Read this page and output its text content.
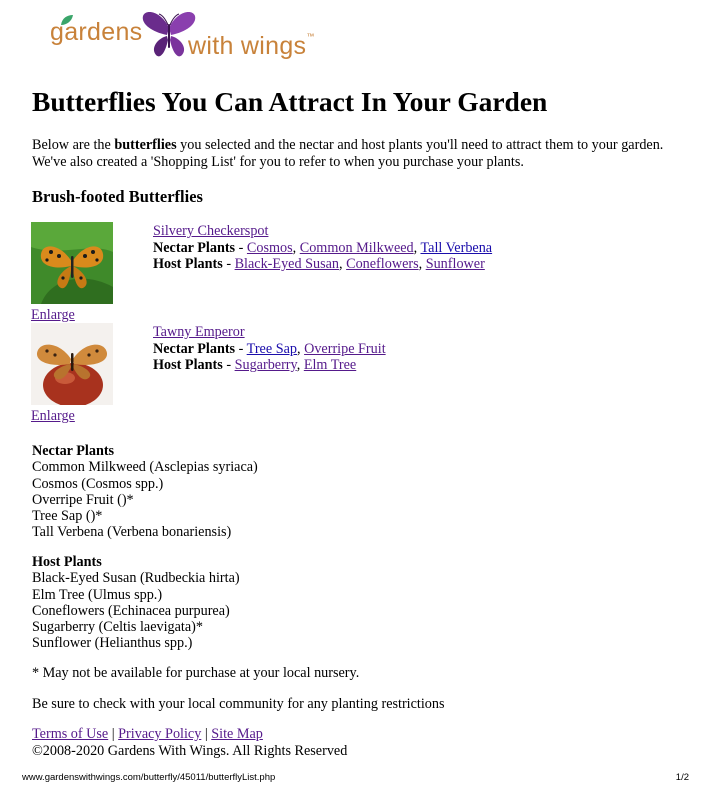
gardens with wings™
Butterflies You Can Attract In Your Garden

Below are the butterflies you selected and the nectar and host plants you'll need to attract them to your garden. We've also created a 'Shopping List' for you to refer to when you purchase your plants.

Brush-footed Butterflies
Enlarge
Silvery Checkerspot
Nectar Plants - Cosmos, Common Milkweed, Tall Verbena
Host Plants - Black-Eyed Susan, Coneflowers, Sunflower
Enlarge
Tawny Emperor
Nectar Plants - Tree Sap, Overripe Fruit
Host Plants - Sugarberry, Elm Tree
Nectar Plants
Common Milkweed (Asclepias syriaca)
Cosmos (Cosmos spp.)
Overripe Fruit ()*
Tree Sap ()*
Tall Verbena (Verbena bonariensis)
Host Plants
Black-Eyed Susan (Rudbeckia hirta)
Elm Tree (Ulmus spp.)
Coneflowers (Echinacea purpurea)
Sugarberry (Celtis laevigata)*
Sunflower (Helianthus spp.)

* May not be available for purchase at your local nursery.

Be sure to check with your local community for any planting restrictions

Terms of Use | Privacy Policy | Site Map
©2008-2020 Gardens With Wings. All Rights Reserved
www.gardenswithwings.com/butterfly/45011/butterflyList.php	1/2
